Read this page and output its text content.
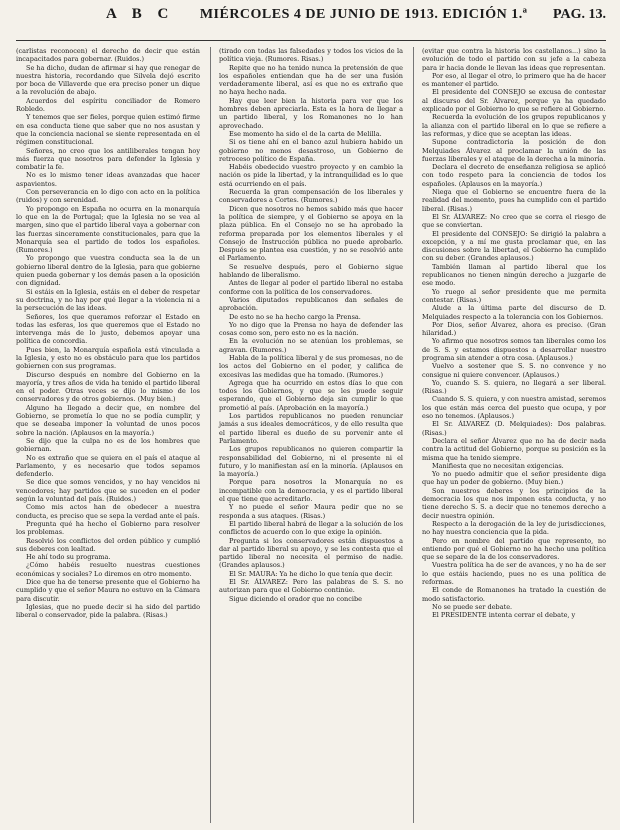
A B C MIÉRCOLES 4 DE JUNIO DE 1913. EDICIÓN 1.ª PAG. 13.

(carlistas reconocen) el derecho de decir que están incapacitados para gobernar. (Ruidos.)

Se ha dicho, dudan de afirmar si hay que renegar de nuestra historia, recordando que Silvela dejó escrito por boca de Villaverde que era preciso poner un dique a la revolución de abajo.

Acuerdos del espíritu conciliador de Romero Robledo.

Y tenemos que ser fieles, porque quien estimó firme en esa conducta tiene que saber que no nos asustan y que la conciencia nacional se siente representada en el régimen constitucional.

Señores, no creo que los antiliberales tengan hoy más fuerza que nosotros para defender la Iglesia y combatir la fe.

No es lo mismo tener ideas avanzadas que hacer aspavientos.

Con perseverancia en lo digo con acto en la política (ruidos) y con serenidad.

Yo propongo en España no ocurra en la monarquía lo que en la de Portugal; que la Iglesia no se vea al margen, sino que el partido liberal vaya a gobernar con las fuerzas sinceramente constitucionales, para que la Monarquía sea el partido de todos los españoles. (Rumores.)

Yo propongo que vuestra conducta sea la de un gobierno liberal dentro de la Iglesia, para que gobierne quien pueda gobernar y los demás pasen a la oposición con dignidad.

Si estáis en la Iglesia, estáis en el deber de respetar su doctrina, y no hay por qué llegar a la violencia ni a la persecución de las ideas.

Señores, los que queramos reforzar el Estado en todas las esferas, los que queremos que el Estado no intervenga más de lo justo, debemos apoyar una política de concordia.

Pues bien, la Monarquía española está vinculada a la Iglesia, y esto no es obstáculo para que los partidos gobiernen con sus programas.

Discurso después en nombre del Gobierno en la mayoría, y tres años de vida ha tenido el partido liberal en el poder. Otras veces se dijo lo mismo de los conservadores y de otros gobiernos. (Muy bien.)

Alguno ha llegado a decir que, en nombre del Gobierno, se prometía lo que no se podía cumplir, y que se deseaba imponer la voluntad de unos pocos sobre la nación. (Aplausos en la mayoría.)

Se dijo que la culpa no es de los hombres que gobiernan.

No es extraño que se quiera en el país el ataque al Parlamento, y es necesario que todos sepamos defenderlo.

Se dice que somos vencidos, y no hay vencidos ni vencedores; hay partidos que se suceden en el poder según la voluntad del país. (Ruidos.)

Como mis actos han de obedecer a nuestra conducta, es preciso que se sepa la verdad ante el país.

Pregunta qué ha hecho el Gobierno para resolver los problemas.

Resolvió los conflictos del orden público y cumplió sus deberes con lealtad.

He ahí todo su programa.

¿Cómo habéis resuelto nuestras cuestiones económicas y sociales? Lo diremos en otro momento.

Dice que ha de tenerse presente que el Gobierno ha cumplido y que el señor Maura no estuvo en la Cámara para discutir.

Iglesias, que no puede decir si ha sido del partido liberal o conservador, pide la palabra. (Risas.)

(tirado con todas las falsedades y todos los vicios de la política vieja. (Rumores. Risas.)

Repite que no ha tenido nunca la pretensión de que los españoles entiendan que ha de ser una fusión verdaderamente liberal, así es que no es extraño que no haya hecho nada.

Hay que leer bien la historia para ver que los hombres deben apreciarla. Esta es la hora de llegar a un partido liberal, y los Romanones no lo han aprovechado.

Ese momento ha sido el de la carta de Melilla.

Si os tiene ahí en el banco azul hubiera habido un gobierno no menos desastroso, un Gobierno de retroceso político de España.

Habéis obedecido vuestro proyecto y en cambio la nación os pide la libertad, y la intranquilidad es lo que está ocurriendo en el país.

Recuerda la gran compensación de los liberales y conservadores a Cortes. (Rumores.)

Dicen que nosotros no hemos sabido más que hacer la política de siempre, y el Gobierno se apoya en la plaza pública. En el Consejo no se ha aprobado la reforma preparada por los elementos liberales y el Consejo de Instrucción pública no puede aprobarlo. Después se plantea esa cuestión, y no se resolvió ante el Parlamento.

Se resuelve después, pero el Gobierno sigue hablando de liberalismo.

Antes de llegar al poder el partido liberal no estaba conforme con la política de los conservadores.

Varios diputados republicanos dan señales de aprobación.

De esto no se ha hecho cargo la Prensa.

Yo no digo que la Prensa no haya de defender las cosas como son, pero esto no es la nación.

En la evolución no se atenúan los problemas, se agravan. (Rumores.)

Habla de la política liberal y de sus promesas, no de los actos del Gobierno en el poder, y califica de excesivas las medidas que ha tomado. (Rumores.)

Agrega que ha ocurrido en estos días lo que con todos los Gobiernos, y que se les puede seguir esperando, que el Gobierno deja sin cumplir lo que prometió al país. (Aprobación en la mayoría.)

Los partidos republicanos no pueden renunciar jamás a sus ideales democráticos, y de ello resulta que el partido liberal es dueño de su porvenir ante el Parlamento.

Los grupos republicanos no quieren compartir la responsabilidad del Gobierno, ni el presente ni el futuro, y lo manifiestan así en la minoría. (Aplausos en la mayoría.)

Porque para nosotros la Monarquía no es incompatible con la democracia, y es el partido liberal el que tiene que acreditarlo.

Y no puede el señor Maura pedir que no se responda a sus ataques. (Risas.)

El partido liberal habrá de llegar a la solución de los conflictos de acuerdo con lo que exige la opinión.

Pregunta si los conservadores están dispuestos a dar al partido liberal su apoyo, y se les contesta que el partido liberal no necesita el permiso de nadie. (Grandes aplausos.)

El Sr. MAURA: Ya he dicho lo que tenía que decir.

El Sr. ÁLVAREZ: Pero las palabras de S. S. no autorizan para que el Gobierno continúe.

Sigue diciendo el orador que no concibe

(evitar que contra la historia los castellanos...) sino la evolución de todo el partido con su jefe a la cabeza para ir hacia donde le llevan las ideas que representan.

Por eso, al llegar el otro, lo primero que ha de hacer es mantener el partido.

El presidente del CONSEJO se excusa de contestar al discurso del Sr. Álvarez, porque ya ha quedado explicado por el Gobierno lo que se refiere al Gobierno.

Recuerda la evolución de los grupos republicanos y la alianza con el partido liberal en lo que se refiere a las reformas, y dice que se aceptan las ideas.

Supone contradictoria la posición de don Melquiades Álvarez al proclamar la unión de las fuerzas liberales y el ataque de la derecha a la minoría.

Declara el decreto de enseñanza religiosa se aplicó con todo respeto para la conciencia de todos los españoles. (Aplausos en la mayoría.)

Niega que el Gobierno se encuentre fuera de la realidad del momento, pues ha cumplido con el partido liberal. (Risas.)

El Sr. ÁLVAREZ: No creo que se corra el riesgo de que se conviertan.

El presidente del CONSEJO: Se dirigió la palabra a excepción, y a mí me gusta proclamar que, en las discusiones sobre la libertad, el Gobierno ha cumplido con su deber. (Grandes aplausos.)

También llaman al partido liberal que los republicanos no tienen ningún derecho a juzgarle de ese modo.

Yo ruego al señor presidente que me permita contestar. (Risas.)

Alude a la última parte del discurso de D. Melquiades respecto a la tolerancia con los Gobiernos.

Por Dios, señor Álvarez, ahora es preciso. (Gran hilaridad.)

Yo afirmo que nosotros somos tan liberales como los de S. S. y estamos dispuestos a desarrollar nuestro programa sin atender a otra cosa. (Aplausos.)

Vuelvo a sostener que S. S. no convence y no consigue ni quiere convencer. (Aplausos.)

Yo, cuando S. S. quiera, no llegará a ser liberal. (Risas.)

Cuando S. S. quiera, y con nuestra amistad, seremos los que están más cerca del puesto que ocupa, y por eso no tenemos. (Aplausos.)

El Sr. ÁLVAREZ (D. Melquiades): Dos palabras. (Risas.)

Declara el señor Álvarez que no ha de decir nada contra la actitud del Gobierno, porque su posición es la misma que ha tenido siempre.

Manifiesta que no necesitan exigencias.

Yo no puedo admitir que el señor presidente diga que hay un poder de gobierno. (Muy bien.)

Son nuestros deberes y los principios de la democracia los que nos imponen esta conducta, y no tiene derecho S. S. a decir que no tenemos derecho a decir nuestra opinión.

Respecto a la derogación de la ley de jurisdicciones, no hay nuestra conciencia que la pida.

Pero en nombre del partido que represento, no entiendo por qué el Gobierno no ha hecho una política que se separe de la de los conservadores.

Vuestra política ha de ser de avances, y no ha de ser lo que estáis haciendo, pues no es una política de reformas.

El conde de Romanones ha tratado la cuestión de modo satisfactorio.

No se puede ser debate.

El PRESIDENTE intenta cerrar el debate, y
